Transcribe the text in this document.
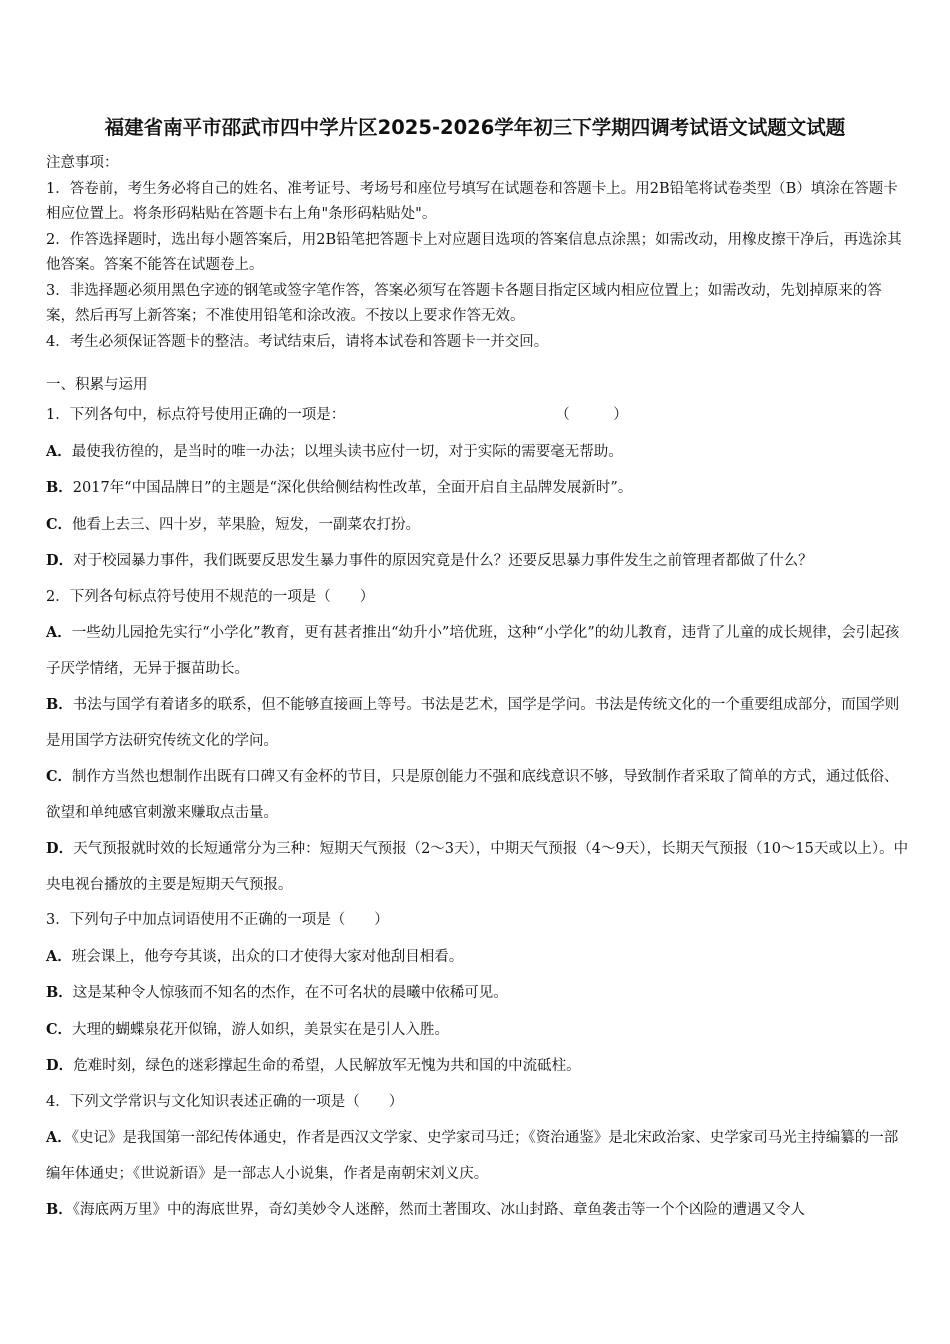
福建省南平市邵武市四中学片区2025-2026学年初三下学期四调考试语文试题文试题

注意事项：

1．答卷前，考生务必将自己的姓名、准考证号、考场号和座位号填写在试题卷和答题卡上。用2B铅笔将试卷类型（B）填涂在答题卡相应位置上。将条形码粘贴在答题卡右上角"条形码粘贴处"。

2．作答选择题时，选出每小题答案后，用2B铅笔把答题卡上对应题目选项的答案信息点涂黑；如需改动，用橡皮擦干净后，再选涂其他答案。答案不能答在试题卷上。

3．非选择题必须用黑色字迹的钢笔或签字笔作答，答案必须写在答题卡各题目指定区域内相应位置上；如需改动，先划掉原来的答案，然后再写上新答案；不准使用铅笔和涂改液。不按以上要求作答无效。

4．考生必须保证答题卡的整洁。考试结束后，请将本试卷和答题卡一并交回。

一、积累与运用

1．下列各句中，标点符号使用正确的一项是：	（　　　）

A．最使我彷徨的，是当时的唯一办法；以埋头读书应付一切，对于实际的需要毫无帮助。

B．2017年“中国品牌日”的主题是“深化供给侧结构性改革，全面开启自主品牌发展新时”。

C．他看上去三、四十岁，苹果脸，短发，一副菜农打扮。

D．对于校园暴力事件，我们既要反思发生暴力事件的原因究竟是什么？还要反思暴力事件发生之前管理者都做了什么？

2．下列各句标点符号使用不规范的一项是（　　）

A．一些幼儿园抢先实行“小学化”教育，更有甚者推出“幼升小”培优班，这种“小学化”的幼儿教育，违背了儿童的成长规律，会引起孩子厌学情绪，无异于揠苗助长。

B．书法与国学有着诸多的联系，但不能够直接画上等号。书法是艺术，国学是学问。书法是传统文化的一个重要组成部分，而国学则是用国学方法研究传统文化的学问。

C．制作方当然也想制作出既有口碑又有金杯的节目，只是原创能力不强和底线意识不够，导致制作者采取了简单的方式，通过低俗、欲望和单纯感官刺激来赚取点击量。

D．天气预报就时效的长短通常分为三种：短期天气预报（2～3天），中期天气预报（4～9天），长期天气预报（10～15天或以上）。中央电视台播放的主要是短期天气预报。

3．下列句子中加点词语使用不正确的一项是（　　）

A．班会课上，他夸夸其谈，出众的口才使得大家对他刮目相看。

B．这是某种令人惊骇而不知名的杰作，在不可名状的晨曦中依稀可见。

C．大理的蝴蝶泉花开似锦，游人如织，美景实在是引人入胜。

D．危难时刻，绿色的迷彩撑起生命的希望，人民解放军无愧为共和国的中流砥柱。

4．下列文学常识与文化知识表述正确的一项是（　　）

A．《史记》是我国第一部纪传体通史，作者是西汉文学家、史学家司马迁；《资治通鉴》是北宋政治家、史学家司马光主持编纂的一部编年体通史；《世说新语》是一部志人小说集，作者是南朝宋刘义庆。

B．《海底两万里》中的海底世界，奇幻美妙令人迷醉，然而土著围攻、冰山封路、章鱼袭击等一个个凶险的遭遇又令人
